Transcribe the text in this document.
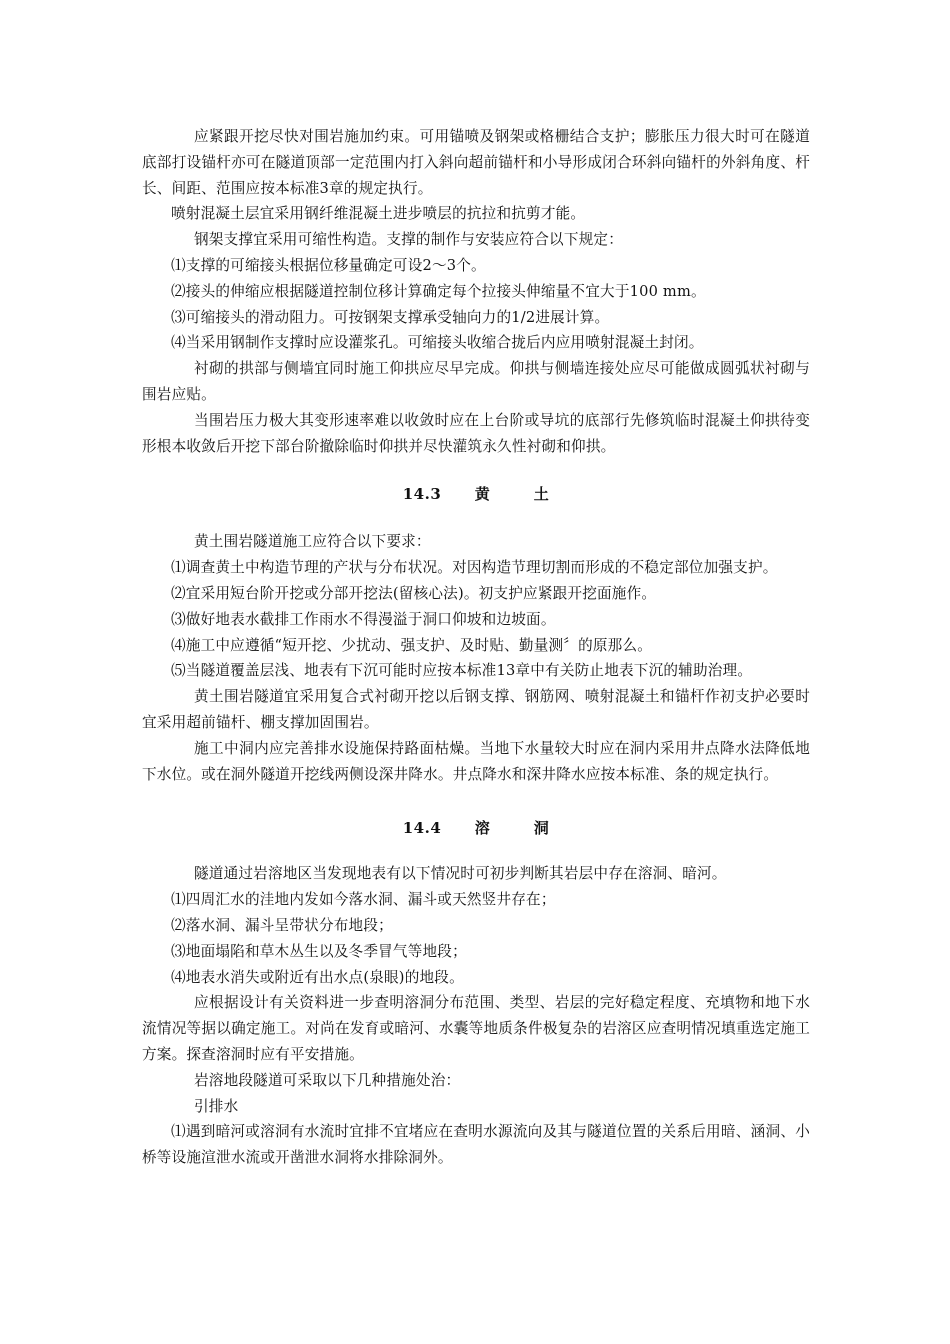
应紧跟开挖尽快对围岩施加约束。可用锚喷及钢架或格栅结合支护；膨胀压力很大时可在隧道底部打设锚杆亦可在隧道顶部一定范围内打入斜向超前锚杆和小导形成闭合环斜向锚杆的外斜角度、杆长、间距、范围应按本标准3章的规定执行。

喷射混凝土层宜采用钢纤维混凝土进步喷层的抗拉和抗剪才能。

钢架支撑宜采用可缩性构造。支撑的制作与安装应符合以下规定：

⑴支撑的可缩接头根据位移量确定可设2～3个。

⑵接头的伸缩应根据隧道控制位移计算确定每个拉接头伸缩量不宜大于100 mm。

⑶可缩接头的滑动阻力。可按钢架支撑承受轴向力的1/2进展计算。

⑷当采用钢制作支撑时应设灌浆孔。可缩接头收缩合拢后内应用喷射混凝土封闭。

衬砌的拱部与侧墙宜同时施工仰拱应尽早完成。仰拱与侧墙连接处应尽可能做成圆弧状衬砌与围岩应贴。

当围岩压力极大其变形速率难以收敛时应在上台阶或导坑的底部行先修筑临时混凝土仰拱待变形根本收敛后开挖下部台阶撤除临时仰拱并尽快灌筑永久性衬砌和仰拱。

14.3 黄	土

黄土围岩隧道施工应符合以下要求：

⑴调查黄土中构造节理的产状与分布状况。对因构造节理切割而形成的不稳定部位加强支护。

⑵宜采用短台阶开挖或分部开挖法(留核心法)。初支护应紧跟开挖面施作。

⑶做好地表水截排工作雨水不得漫溢于洞口仰坡和边坡面。

⑷施工中应遵循“短开挖、少扰动、强支护、及时贴、勤量测〞的原那么。

⑸当隧道覆盖层浅、地表有下沉可能时应按本标准13章中有关防止地表下沉的辅助治理。

黄土围岩隧道宜采用复合式衬砌开挖以后钢支撑、钢筋网、喷射混凝土和锚杆作初支护必要时宜采用超前锚杆、棚支撑加固围岩。

施工中洞内应完善排水设施保持路面枯燥。当地下水量较大时应在洞内采用井点降水法降低地下水位。或在洞外隧道开挖线两侧设深井降水。井点降水和深井降水应按本标准、条的规定执行。

14.4 溶	洞

隧道通过岩溶地区当发现地表有以下情况时可初步判断其岩层中存在溶洞、暗河。

⑴四周汇水的洼地内发如今落水洞、漏斗或天然竖井存在；

⑵落水洞、漏斗呈带状分布地段；

⑶地面塌陷和草木丛生以及冬季冒气等地段；

⑷地表水消失或附近有出水点(泉眼)的地段。

应根据设计有关资料进一步查明溶洞分布范围、类型、岩层的完好稳定程度、充填物和地下水流情况等据以确定施工。对尚在发育或暗河、水囊等地质条件极复杂的岩溶区应查明情况填重选定施工方案。探查溶洞时应有平安措施。

岩溶地段隧道可采取以下几种措施处治：

引排水

⑴遇到暗河或溶洞有水流时宜排不宜堵应在查明水源流向及其与隧道位置的关系后用暗、涵洞、小桥等设施渲泄水流或开凿泄水洞将水排除洞外。
